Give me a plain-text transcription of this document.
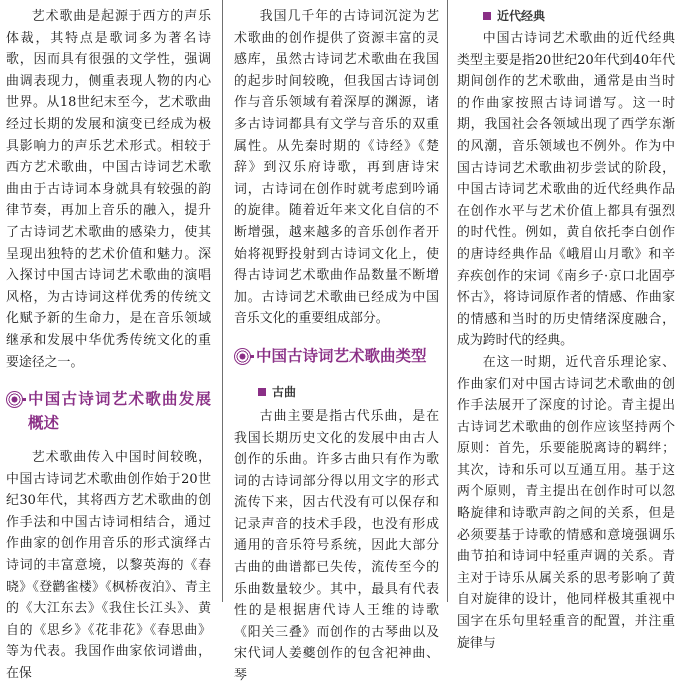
艺术歌曲是起源于西方的声乐体裁，其特点是歌词多为著名诗歌，因而具有很强的文学性，强调曲调表现力，侧重表现人物的内心世界。从18世纪末至今，艺术歌曲经过长期的发展和演变已经成为极具影响力的声乐艺术形式。相较于西方艺术歌曲，中国古诗词艺术歌曲由于古诗词本身就具有较强的韵律节奏，再加上音乐的融入，提升了古诗词艺术歌曲的感染力，使其呈现出独特的艺术价值和魅力。深入探讨中国古诗词艺术歌曲的演唱风格，为古诗词这样优秀的传统文化赋予新的生命力，是在音乐领域继承和发展中华优秀传统文化的重要途径之一。

中国古诗词艺术歌曲发展概述

艺术歌曲传入中国时间较晚，中国古诗词艺术歌曲创作始于20世纪30年代，其将西方艺术歌曲的创作手法和中国古诗词相结合，通过作曲家的创作用音乐的形式演绎古诗词的丰富意境，以黎英海的《春晓》《登鹳雀楼》《枫桥夜泊》、青主的《大江东去》《我住长江头》、黄自的《思乡》《花非花》《春思曲》等为代表。我国作曲家依词谱曲，在保

我国几千年的古诗词沉淀为艺术歌曲的创作提供了资源丰富的灵感库，虽然古诗词艺术歌曲在我国的起步时间较晚，但我国古诗词创作与音乐领域有着深厚的渊源，诸多古诗词都具有文学与音乐的双重属性。从先秦时期的《诗经》《楚辞》到汉乐府诗歌，再到唐诗宋词，古诗词在创作时就考虑到吟诵的旋律。随着近年来文化自信的不断增强，越来越多的音乐创作者开始将视野投射到古诗词文化上，使得古诗词艺术歌曲作品数量不断增加。古诗词艺术歌曲已经成为中国音乐文化的重要组成部分。

中国古诗词艺术歌曲类型
古曲

古曲主要是指古代乐曲，是在我国长期历史文化的发展中由古人创作的乐曲。许多古曲只有作为歌词的古诗词部分得以用文字的形式流传下来，因古代没有可以保存和记录声音的技术手段，也没有形成通用的音乐符号系统，因此大部分古曲的曲谱都已失传，流传至今的乐曲数量较少。其中，最具有代表性的是根据唐代诗人王维的诗歌《阳关三叠》而创作的古琴曲以及宋代词人姜夔创作的包含祀神曲、琴

近代经典

中国古诗词艺术歌曲的近代经典类型主要是指20世纪20年代到40年代期间创作的艺术歌曲，通常是由当时的作曲家按照古诗词谱写。这一时期，我国社会各领域出现了西学东渐的风潮，音乐领域也不例外。作为中国古诗词艺术歌曲初步尝试的阶段，中国古诗词艺术歌曲的近代经典作品在创作水平与艺术价值上都具有强烈的时代性。例如，黄自依托李白创作的唐诗经典作品《峨眉山月歌》和辛弃疾创作的宋词《南乡子·京口北固亭怀古》，将诗词原作者的情感、作曲家的情感和当时的历史情绪深度融合，成为跨时代的经典。

在这一时期，近代音乐理论家、作曲家们对中国古诗词艺术歌曲的创作手法展开了深度的讨论。青主提出古诗词艺术歌曲的创作应该坚持两个原则：首先，乐要能脱离诗的羁绊；其次，诗和乐可以互通互用。基于这两个原则，青主提出在创作时可以忽略旋律和诗歌声韵之间的关系，但是必须要基于诗歌的情感和意境强调乐曲节拍和诗词中轻重声调的关系。青主对于诗乐从属关系的思考影响了黄自对旋律的设计，他同样极其重视中国字在乐句里轻重音的配置，并注重旋律与
